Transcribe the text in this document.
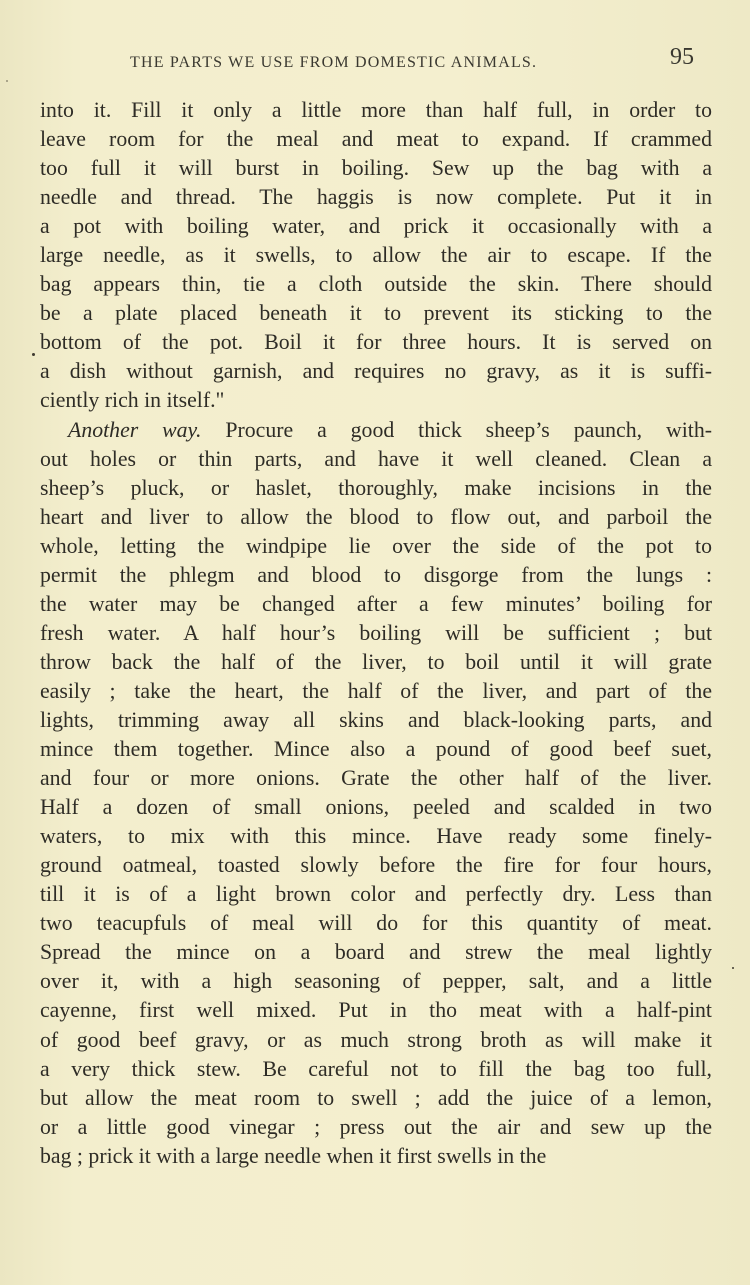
THE PARTS WE USE FROM DOMESTIC ANIMALS.	95
into it. Fill it only a little more than half full, in order to
leave room for the meal and meat to expand. If crammed
too full it will burst in boiling. Sew up the bag with a
needle and thread. The haggis is now complete. Put it in
a pot with boiling water, and prick it occasionally with a
large needle, as it swells, to allow the air to escape. If the
bag appears thin, tie a cloth outside the skin. There should
be a plate placed beneath it to prevent its sticking to the
bottom of the pot. Boil it for three hours. It is served on
a dish without garnish, and requires no gravy, as it is suffi-
ciently rich in itself."
Another way. Procure a good thick sheep’s paunch, with-
out holes or thin parts, and have it well cleaned. Clean a
sheep’s pluck, or haslet, thoroughly, make incisions in the
heart and liver to allow the blood to flow out, and parboil the
whole, letting the windpipe lie over the side of the pot to
permit the phlegm and blood to disgorge from the lungs :
the water may be changed after a few minutes’ boiling for
fresh water. A half hour’s boiling will be sufficient ; but
throw back the half of the liver, to boil until it will grate
easily ; take the heart, the half of the liver, and part of the
lights, trimming away all skins and black-looking parts, and
mince them together. Mince also a pound of good beef suet,
and four or more onions. Grate the other half of the liver.
Half a dozen of small onions, peeled and scalded in two
waters, to mix with this mince. Have ready some finely-
ground oatmeal, toasted slowly before the fire for four hours,
till it is of a light brown color and perfectly dry. Less than
two teacupfuls of meal will do for this quantity of meat.
Spread the mince on a board and strew the meal lightly
over it, with a high seasoning of pepper, salt, and a little
cayenne, first well mixed. Put in tho meat with a half-pint
of good beef gravy, or as much strong broth as will make it
a very thick stew. Be careful not to fill the bag too full,
but allow the meat room to swell ; add the juice of a lemon,
or a little good vinegar ; press out the air and sew up the
bag ; prick it with a large needle when it first swells in the
